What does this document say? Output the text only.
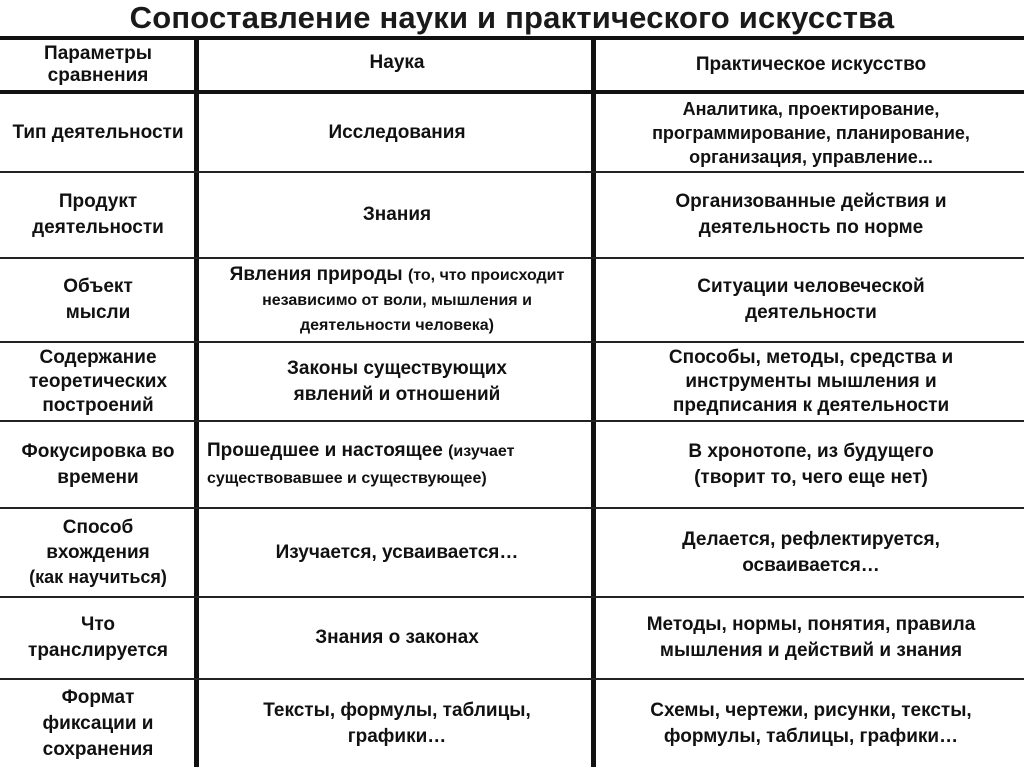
Сопоставление науки и практического искусства
Параметры сравнения
Наука	Практическое искусство
Тип деятельности	Исследования
Аналитика, проектирование, программирование, планирование, организация, управление...
Продукт деятельности
Знания
Организованные действия и деятельность по норме
Объект мысли
Явления природы (то, что происходит независимо от воли, мышления и деятельности человека)
Ситуации человеческой деятельности
Содержание теоретических построений
Законы существующих явлений и отношений
Способы, методы, средства и инструменты мышления и предписания к деятельности
Фокусировка во времени
Прошедшее и настоящее (изучает существовавшее и существующее)
В хронотопе, из будущего (творит то, чего еще нет)
Способ вхождения
(как научиться)
Изучается, усваивается…
Делается, рефлектируется, осваивается…
Что транслируется
Знания о законах
Методы, нормы, понятия, правила мышления и действий и знания
Формат фиксации и сохранения
Тексты, формулы, таблицы, графики…
Схемы, чертежи, рисунки, тексты, формулы, таблицы, графики…
